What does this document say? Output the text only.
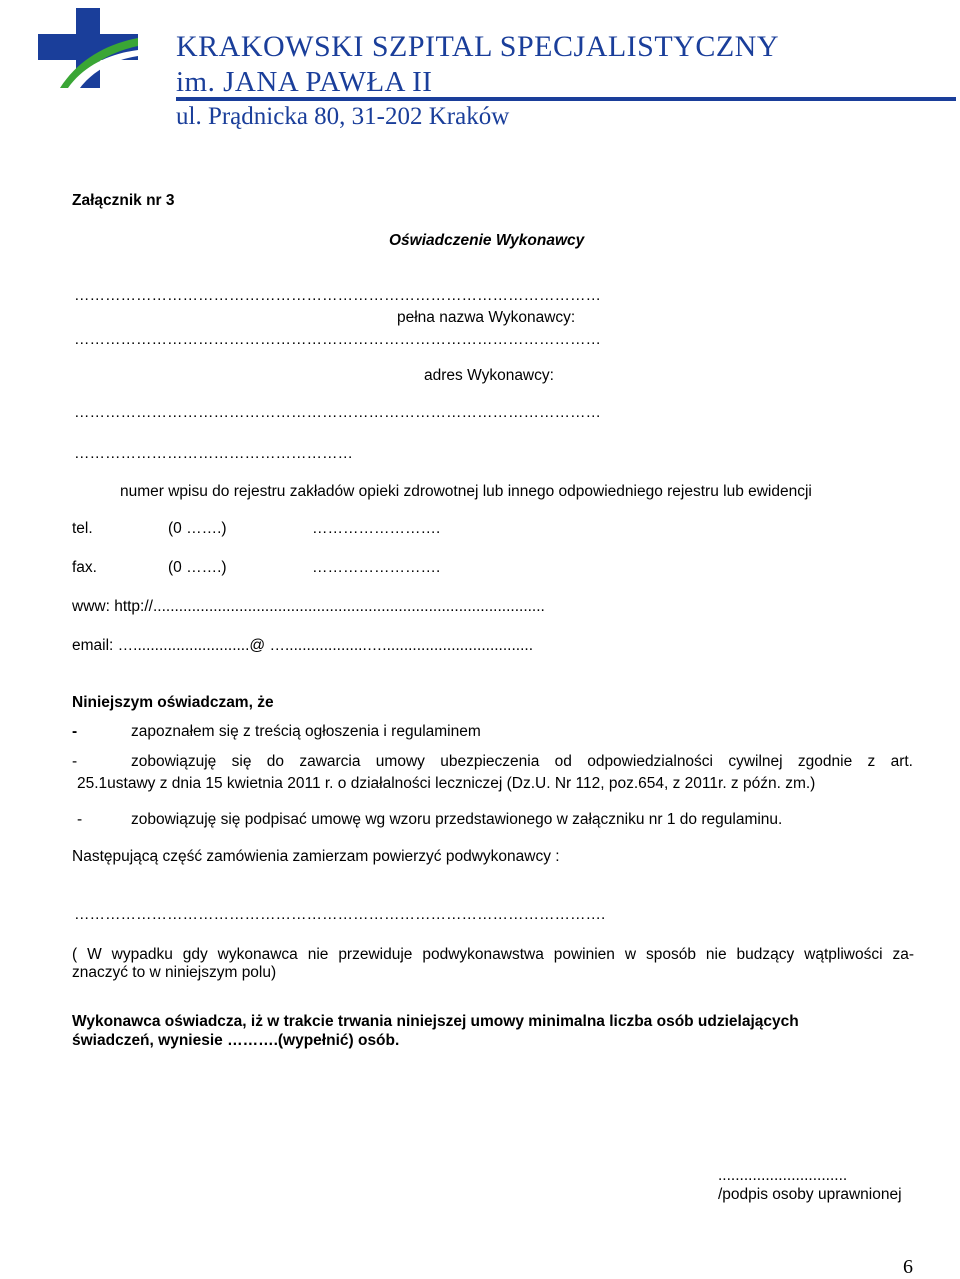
KRAKOWSKI SZPITAL SPECJALISTYCZNY
im. JANA PAWŁA II
ul. Prądnicka 80, 31-202 Kraków
Załącznik nr 3
Oświadczenie Wykonawcy
…………………………………………………………………………………………
pełna nazwa Wykonawcy:
…………………………………………………………………………………………
adres Wykonawcy:
…………………………………………………………………………………………
………………………………………………
numer wpisu do rejestru zakładów opieki zdrowotnej lub innego odpowiedniego rejestru lub ewidencji
tel.	(0 …….)	…………………….
fax.	(0 …….)	…………………….
www: http://...........................................................................................
email: …...........................@ …...................…...................................
Niniejszym oświadczam, że
-	zapoznałem się z treścią ogłoszenia i regulaminem
-	zobowiązuję się do zawarcia umowy ubezpieczenia od odpowiedzialności cywilnej zgodnie z art.
25.1ustawy z dnia 15 kwietnia 2011 r. o działalności leczniczej (Dz.U. Nr 112, poz.654, z 2011r. z późn. zm.)
-	zobowiązuję się podpisać umowę wg wzoru przedstawionego w załączniku nr 1 do regulaminu.
Następującą część zamówienia zamierzam powierzyć podwykonawcy :
………………………………………………………………………………………….
( W wypadku gdy wykonawca nie przewiduje podwykonawstwa powinien w sposób nie budzący wątpliwości za-
znaczyć to w niniejszym polu)
Wykonawca oświadcza, iż w trakcie trwania niniejszej umowy minimalna liczba osób udzielających
świadczeń, wyniesie ……….(wypełnić) osób.
..............................
/podpis osoby uprawnionej
6
